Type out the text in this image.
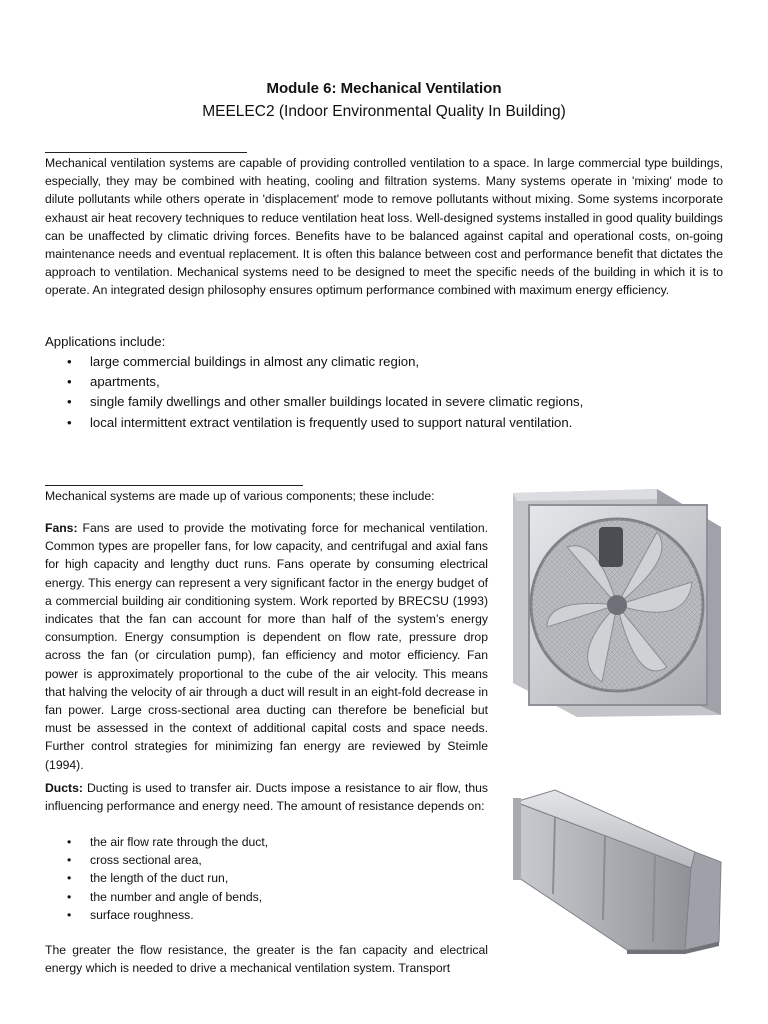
Module 6: Mechanical Ventilation
MEELEC2 (Indoor Environmental Quality In Building)

Mechanical ventilation systems are capable of providing controlled ventilation to a space. In large commercial type buildings, especially, they may be combined with heating, cooling and filtration systems. Many systems operate in 'mixing' mode to dilute pollutants while others operate in 'displacement' mode to remove pollutants without mixing. Some systems incorporate exhaust air heat recovery techniques to reduce ventilation heat loss. Well-designed systems installed in good quality buildings can be unaffected by climatic driving forces. Benefits have to be balanced against capital and operational costs, on-going maintenance needs and eventual replacement. It is often this balance between cost and performance benefit that dictates the approach to ventilation. Mechanical systems need to be designed to meet the specific needs of the building in which it is to operate. An integrated design philosophy ensures optimum performance combined with maximum energy efficiency.

Applications include:
• large commercial buildings in almost any climatic region,
• apartments,
• single family dwellings and other smaller buildings located in severe climatic regions,
• local intermittent extract ventilation is frequently used to support natural ventilation.

Mechanical systems are made up of various components; these include:

Fans: Fans are used to provide the motivating force for mechanical ventilation. Common types are propeller fans, for low capacity, and centrifugal and axial fans for high capacity and lengthy duct runs. Fans operate by consuming electrical energy. This energy can represent a very significant factor in the energy budget of a commercial building air conditioning system. Work reported by BRECSU (1993) indicates that the fan can account for more than half of the system’s energy consumption. Energy consumption is dependent on flow rate, pressure drop across the fan (or circulation pump), fan efficiency and motor efficiency. Fan power is approximately proportional to the cube of the air velocity. This means that halving the velocity of air through a duct will result in an eight-fold decrease in fan power. Large cross-sectional area ducting can therefore be beneficial but must be assessed in the context of additional capital costs and space needs. Further control strategies for minimizing fan energy are reviewed by Steimle (1994).

Ducts: Ducting is used to transfer air. Ducts impose a resistance to air flow, thus influencing performance and energy need. The amount of resistance depends on:

• the air flow rate through the duct,
• cross sectional area,
• the length of the duct run,
• the number and angle of bends,
• surface roughness.

The greater the flow resistance, the greater is the fan capacity and electrical energy which is needed to drive a mechanical ventilation system. Transport
